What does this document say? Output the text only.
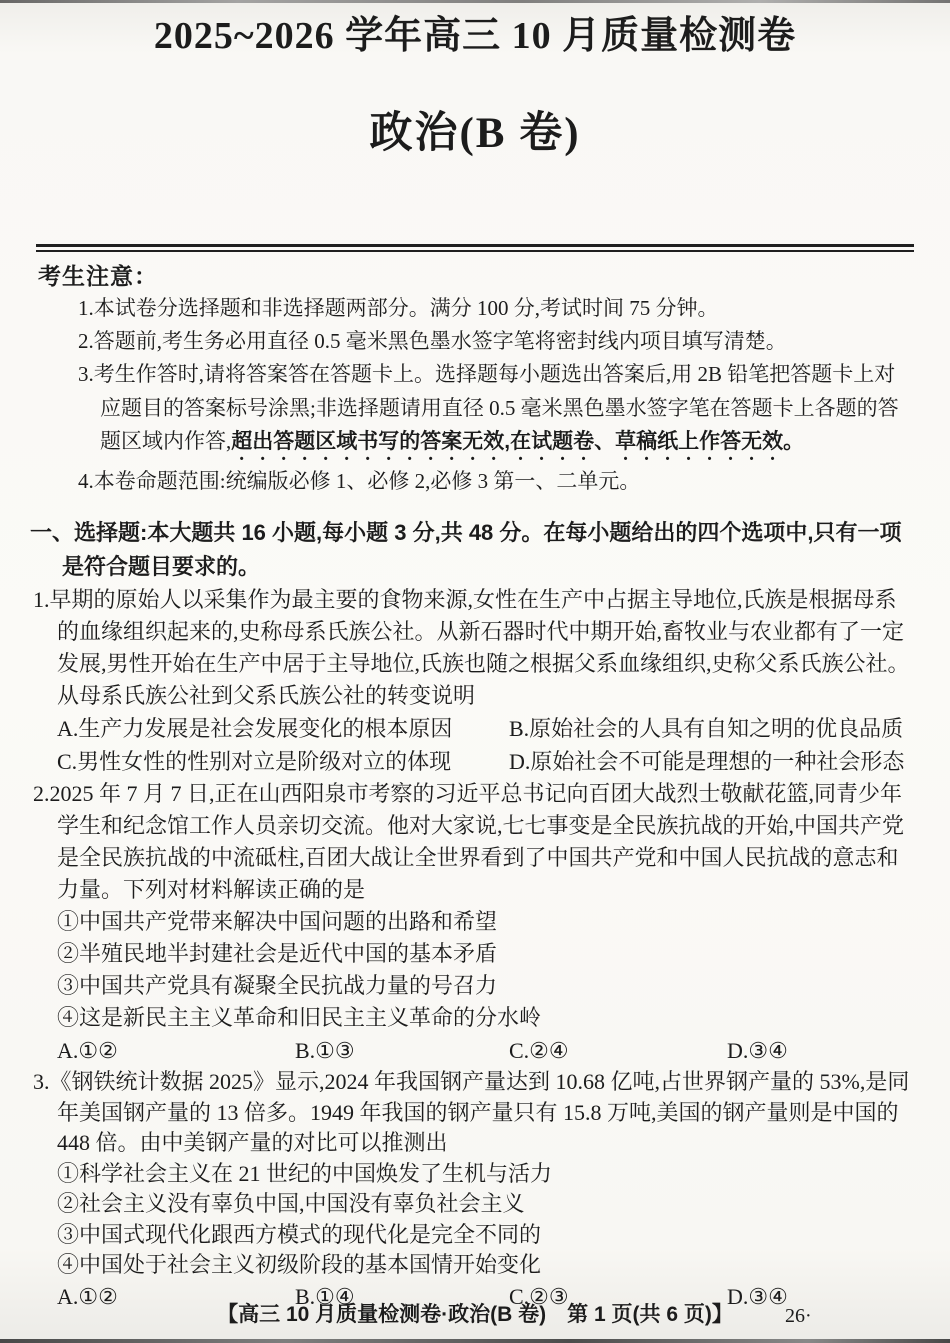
2025~2026 学年高三 10 月质量检测卷
政治(B 卷)
考生注意：
1.本试卷分选择题和非选择题两部分。满分 100 分,考试时间 75 分钟。
2.答题前,考生务必用直径 0.5 毫米黑色墨水签字笔将密封线内项目填写清楚。
3.考生作答时,请将答案答在答题卡上。选择题每小题选出答案后,用 2B 铅笔把答题卡上对应题目的答案标号涂黑;非选择题请用直径 0.5 毫米黑色墨水签字笔在答题卡上各题的答题区域内作答,超出答题区域书写的答案无效,在试题卷、草稿纸上作答无效。
4.本卷命题范围:统编版必修 1、必修 2,必修 3 第一、二单元。
一、选择题:本大题共 16 小题,每小题 3 分,共 48 分。在每小题给出的四个选项中,只有一项是符合题目要求的。
1.早期的原始人以采集作为最主要的食物来源,女性在生产中占据主导地位,氏族是根据母系的血缘组织起来的,史称母系氏族公社。从新石器时代中期开始,畜牧业与农业都有了一定发展,男性开始在生产中居于主导地位,氏族也随之根据父系血缘组织,史称父系氏族公社。从母系氏族公社到父系氏族公社的转变说明
A.生产力发展是社会发展变化的根本原因	B.原始社会的人具有自知之明的优良品质
C.男性女性的性别对立是阶级对立的体现	D.原始社会不可能是理想的一种社会形态
2.2025 年 7 月 7 日,正在山西阳泉市考察的习近平总书记向百团大战烈士敬献花篮,同青少年学生和纪念馆工作人员亲切交流。他对大家说,七七事变是全民族抗战的开始,中国共产党是全民族抗战的中流砥柱,百团大战让全世界看到了中国共产党和中国人民抗战的意志和力量。下列对材料解读正确的是
①中国共产党带来解决中国问题的出路和希望
②半殖民地半封建社会是近代中国的基本矛盾
③中国共产党具有凝聚全民抗战力量的号召力
④这是新民主主义革命和旧民主主义革命的分水岭
A.①②	B.①③	C.②④	D.③④
3.《钢铁统计数据 2025》显示,2024 年我国钢产量达到 10.68 亿吨,占世界钢产量的 53%,是同年美国钢产量的 13 倍多。1949 年我国的钢产量只有 15.8 万吨,美国的钢产量则是中国的 448 倍。由中美钢产量的对比可以推测出
①科学社会主义在 21 世纪的中国焕发了生机与活力
②社会主义没有辜负中国,中国没有辜负社会主义
③中国式现代化跟西方模式的现代化是完全不同的
④中国处于社会主义初级阶段的基本国情开始变化
A.①②	B.①④	C.②③	D.③④
【高三 10 月质量检测卷·政治(B 卷)　第 1 页(共 6 页)】	26·
